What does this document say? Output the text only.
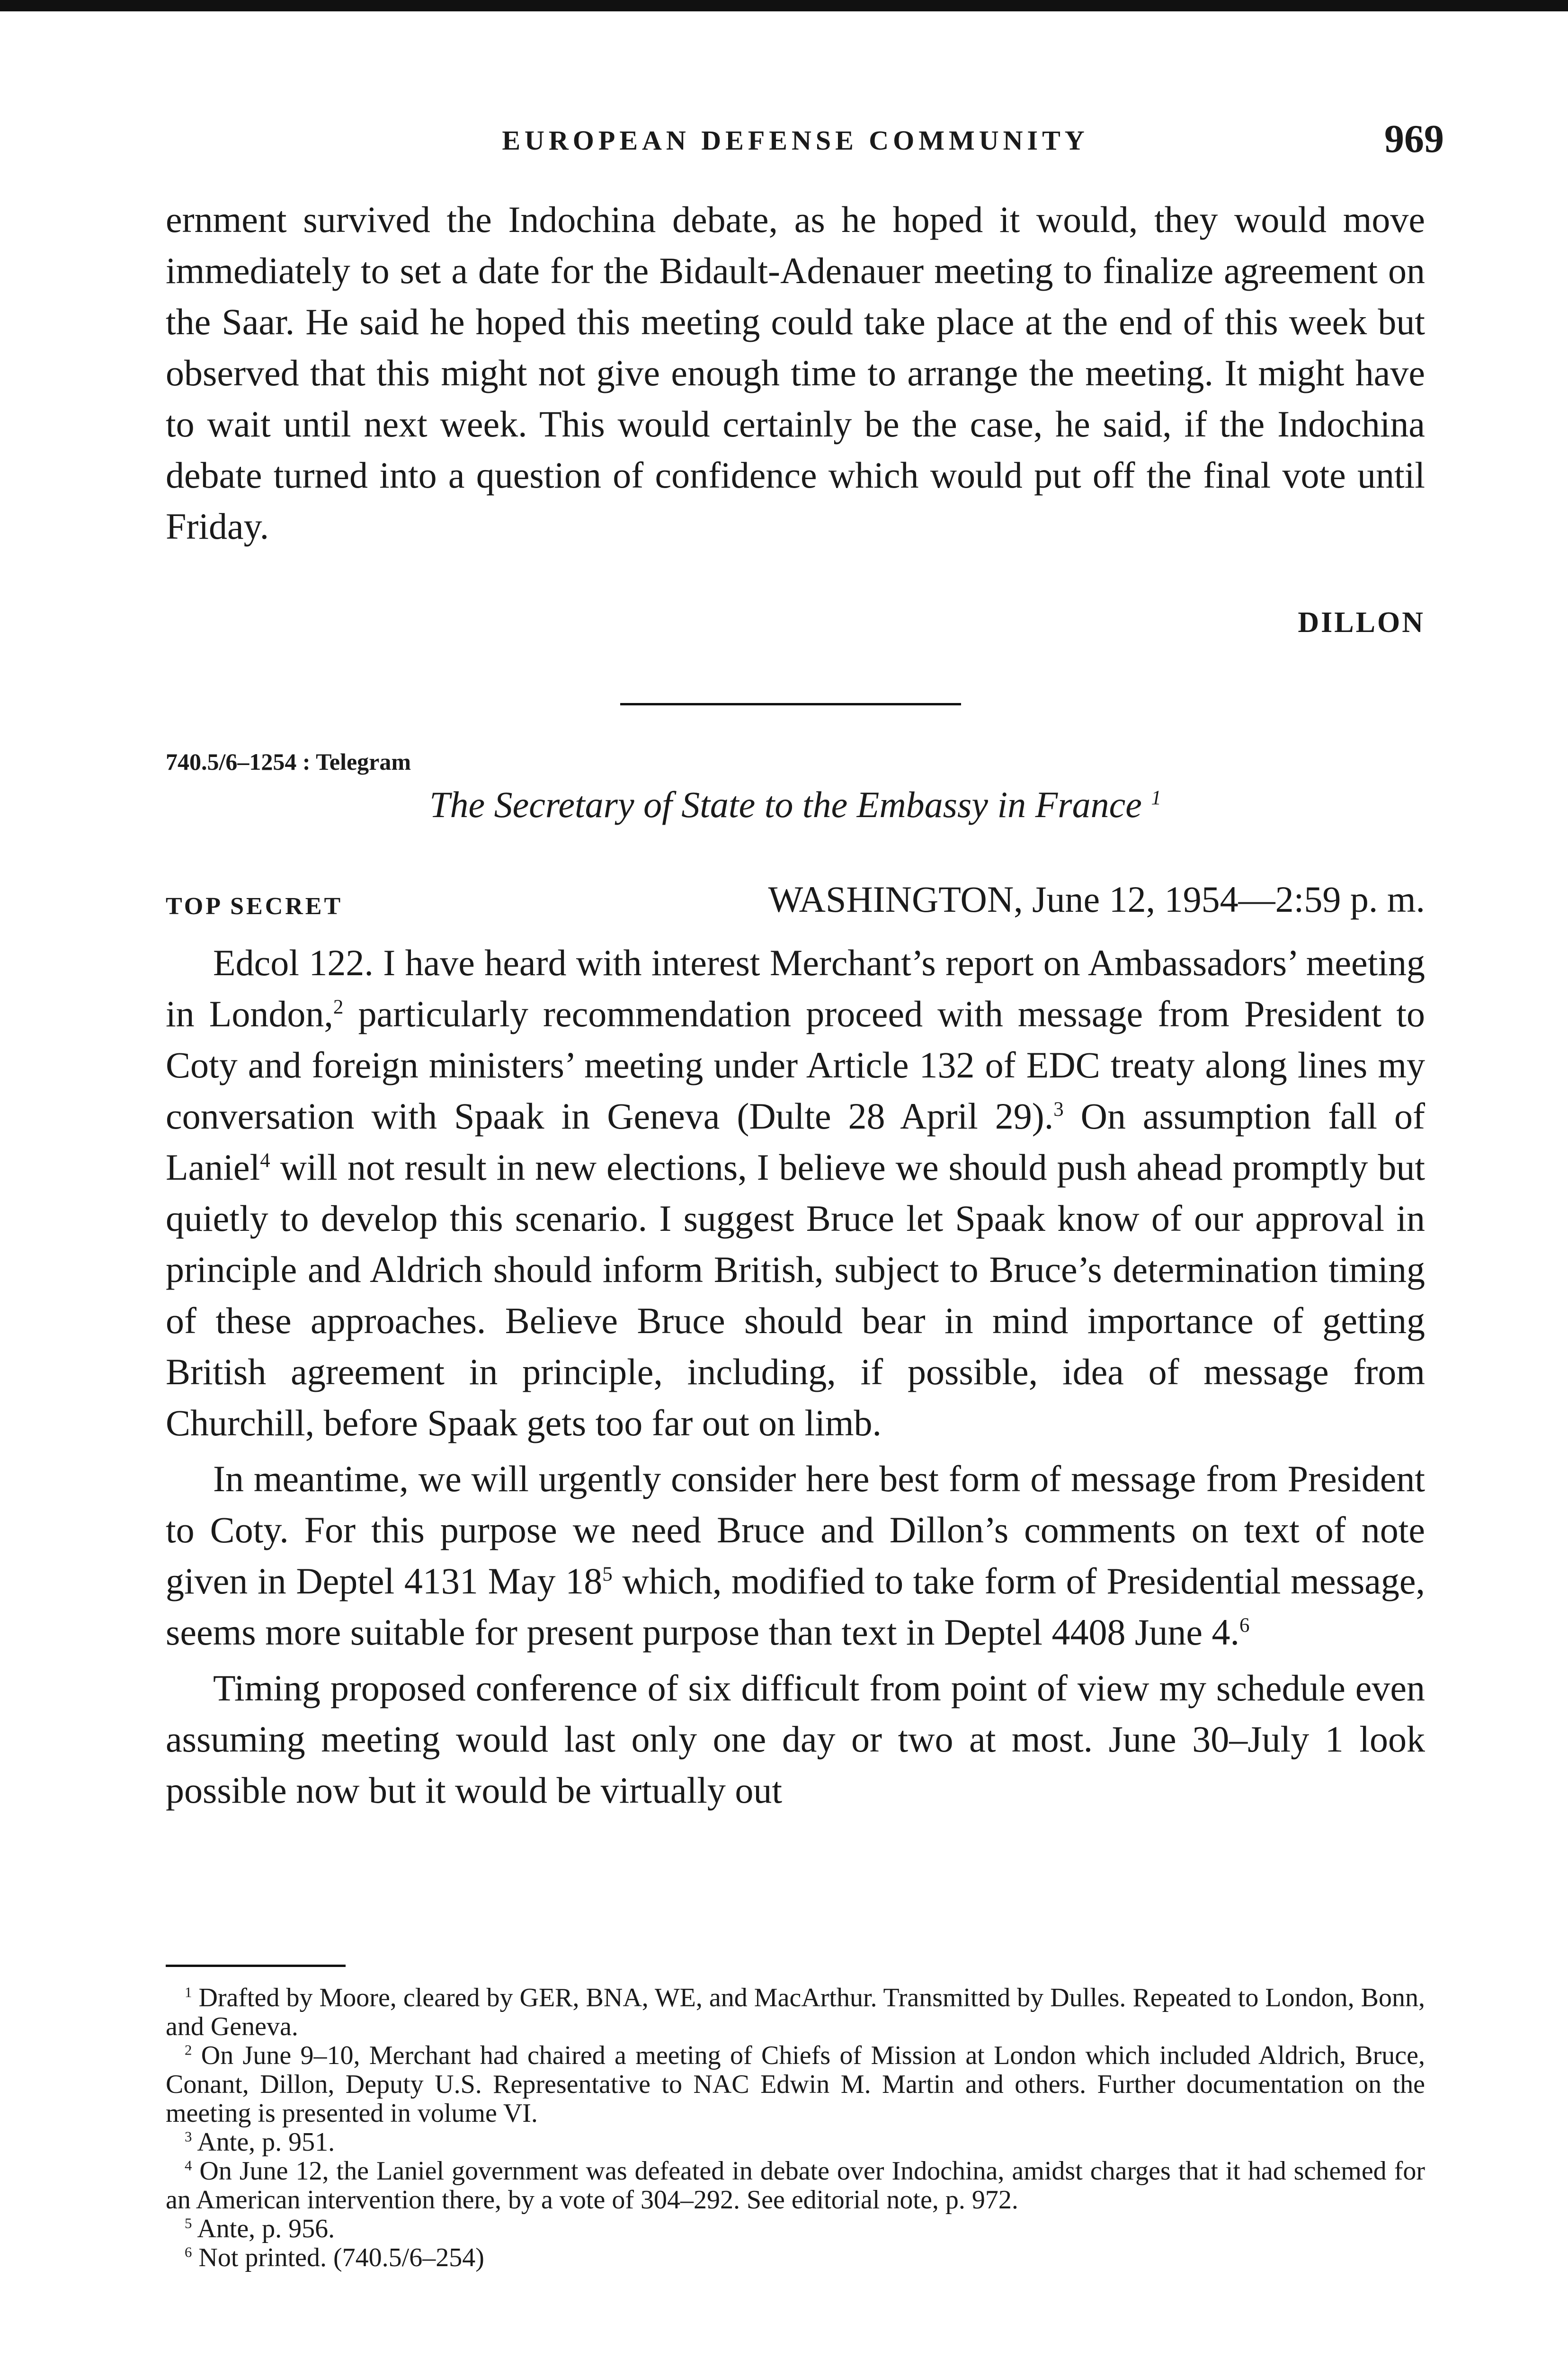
EUROPEAN DEFENSE COMMUNITY	969

ernment survived the Indochina debate, as he hoped it would, they would move immediately to set a date for the Bidault-Adenauer meeting to finalize agreement on the Saar. He said he hoped this meeting could take place at the end of this week but observed that this might not give enough time to arrange the meeting. It might have to wait until next week. This would certainly be the case, he said, if the Indochina debate turned into a question of confidence which would put off the final vote until Friday.

DILLON
740.5/6–1254 : Telegram
The Secretary of State to the Embassy in France $^1$
TOP SECRET	WASHINGTON, June 12, 1954—2:59 p. m.

Edcol 122. I have heard with interest Merchant’s report on Ambassadors’ meeting in London,$^2$ particularly recommendation proceed with message from President to Coty and foreign ministers’ meeting under Article 132 of EDC treaty along lines my conversation with Spaak in Geneva (Dulte 28 April 29).$^3$ On assumption fall of Laniel$^4$ will not result in new elections, I believe we should push ahead promptly but quietly to develop this scenario. I suggest Bruce let Spaak know of our approval in principle and Aldrich should inform British, subject to Bruce’s determination timing of these approaches. Believe Bruce should bear in mind importance of getting British agreement in principle, including, if possible, idea of message from Churchill, before Spaak gets too far out on limb.

In meantime, we will urgently consider here best form of message from President to Coty. For this purpose we need Bruce and Dillon’s comments on text of note given in Deptel 4131 May $18^5$ which, modified to take form of Presidential message, seems more suitable for present purpose than text in Deptel 4408 June 4.$^6$

Timing proposed conference of six difficult from point of view my schedule even assuming meeting would last only one day or two at most. June 30–July 1 look possible now but it would be virtually out

$^1$ Drafted by Moore, cleared by GER, BNA, WE, and MacArthur. Transmitted by Dulles. Repeated to London, Bonn, and Geneva.

$^2$ On June 9–10, Merchant had chaired a meeting of Chiefs of Mission at London which included Aldrich, Bruce, Conant, Dillon, Deputy U.S. Representative to NAC Edwin M. Martin and others. Further documentation on the meeting is presented in volume VI.

$^3$ Ante, p. 951.

$^4$ On June 12, the Laniel government was defeated in debate over Indochina, amidst charges that it had schemed for an American intervention there, by a vote of 304–292. See editorial note, p. 972.

$^5$ Ante, p. 956.

$^6$ Not printed. (740.5/6–254)
